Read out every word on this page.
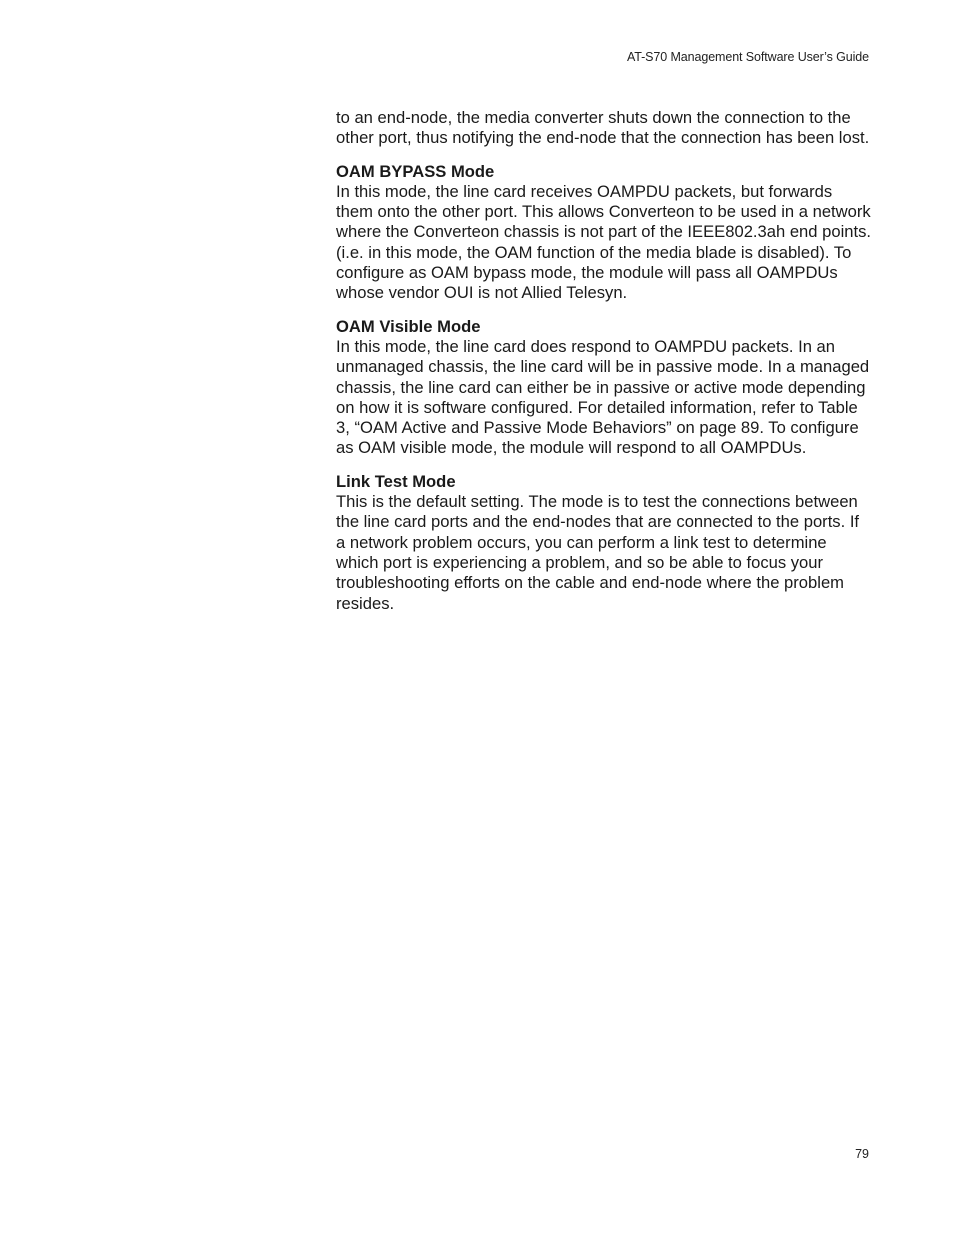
AT-S70 Management Software User’s Guide

to an end-node, the media converter shuts down the connection to the other port, thus notifying the end-node that the connection has been lost.

OAM BYPASS Mode

In this mode, the line card receives OAMPDU packets, but forwards them onto the other port. This allows Converteon to be used in a network where the Converteon chassis is not part of the IEEE802.3ah end points. (i.e. in this mode, the OAM function of the media blade is disabled). To configure as OAM bypass mode, the module will pass all OAMPDUs whose vendor OUI is not Allied Telesyn.

OAM Visible Mode

In this mode, the line card does respond to OAMPDU packets. In an unmanaged chassis, the line card will be in passive mode. In a managed chassis, the line card can either be in passive or active mode depending on how it is software configured. For detailed information, refer to Table 3, “OAM Active and Passive Mode Behaviors” on page 89. To configure as OAM visible mode, the module will respond to all OAMPDUs.

Link Test Mode

This is the default setting. The mode is to test the connections between the line card ports and the end-nodes that are connected to the ports. If a network problem occurs, you can perform a link test to determine which port is experiencing a problem, and so be able to focus your troubleshooting efforts on the cable and end-node where the problem resides.

79
